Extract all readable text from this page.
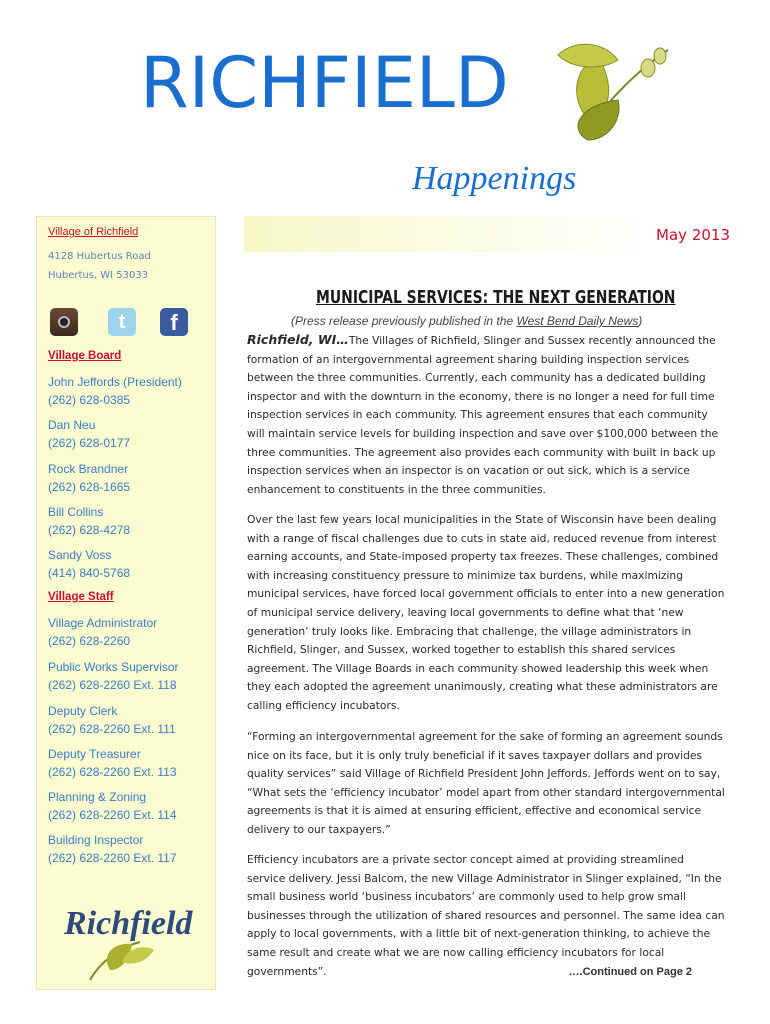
RICHFIELD
Happenings
Village of Richfield
4128 Hubertus Road
Hubertus, WI 53033
t	f
Village Board
John Jeffords (President)
(262) 628-0385
Dan Neu
(262) 628-0177
Rock Brandner
(262) 628-1665
Bill Collins
(262) 628-4278
Sandy Voss
(414) 840-5768
Village Staff
Village Administrator
(262) 628-2260
Public Works Supervisor
(262) 628-2260 Ext. 118
Deputy Clerk
(262) 628-2260 Ext. 111
Deputy Treasurer
(262) 628-2260 Ext. 113
Planning & Zoning
(262) 628-2260 Ext. 114
Building Inspector
(262) 628-2260 Ext. 117
Richfield
May 2013
MUNICIPAL SERVICES: THE NEXT GENERATION
(Press release previously published in the West Bend Daily News)
Richfield, WI…The Villages of Richfield, Slinger and Sussex recently announced the formation of an intergovernmental agreement sharing building inspection services between the three communities. Currently, each community has a dedicated building inspector and with the downturn in the economy, there is no longer a need for full time inspection services in each community. This agreement ensures that each community will maintain service levels for building inspection and save over $100,000 between the three communities. The agreement also provides each community with built in back up inspection services when an inspector is on vacation or out sick, which is a service enhancement to constituents in the three communities.
Over the last few years local municipalities in the State of Wisconsin have been dealing with a range of fiscal challenges due to cuts in state aid, reduced revenue from interest earning accounts, and State-imposed property tax freezes. These challenges, combined with increasing constituency pressure to minimize tax burdens, while maximizing municipal services, have forced local government officials to enter into a new generation of municipal service delivery, leaving local governments to define what that ‘new generation’ truly looks like. Embracing that challenge, the village administrators in Richfield, Slinger, and Sussex, worked together to establish this shared services agreement. The Village Boards in each community showed leadership this week when they each adopted the agreement unanimously, creating what these administrators are calling efficiency incubators.
“Forming an intergovernmental agreement for the sake of forming an agreement sounds nice on its face, but it is only truly beneficial if it saves taxpayer dollars and provides quality services” said Village of Richfield President John Jeffords. Jeffords went on to say, “What sets the ‘efficiency incubator’ model apart from other standard intergovernmental agreements is that it is aimed at ensuring efficient, effective and economical service delivery to our taxpayers.”
Efficiency incubators are a private sector concept aimed at providing streamlined service delivery. Jessi Balcom, the new Village Administrator in Slinger explained, “In the small business world ‘business incubators’ are commonly used to help grow small businesses through the utilization of shared resources and personnel. The same idea can apply to local governments, with a little bit of next-generation thinking, to achieve the same result and create what we are now calling efficiency incubators for local governments”.	….Continued on Page 2
